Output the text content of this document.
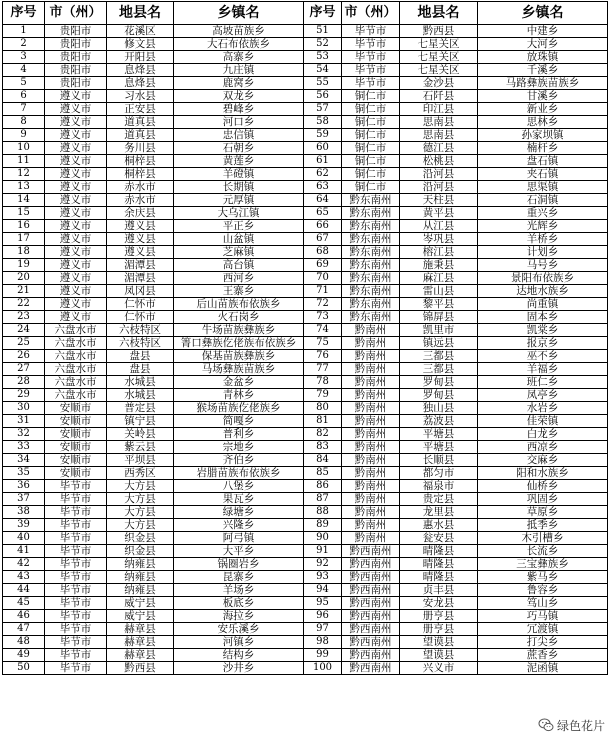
序号	市（州）	地县名	乡镇名	序号	市（州）	地县名	乡镇名
1	贵阳市	花溪区	高坡苗族乡	51	毕节市	黔西县	中建乡
2	贵阳市	修文县	大石布依族乡	52	毕节市	七星关区	大河乡
3	贵阳市	开阳县	高寨乡	53	毕节市	七星关区	放珠镇
4	贵阳市	息烽县	九庄镇	54	毕节市	七星关区	千溪乡
5	贵阳市	息烽县	鹿窝乡	55	毕节市	金沙县	马路彝族苗族乡
6	遵义市	习水县	双龙乡	56	铜仁市	石阡县	甘溪乡
7	遵义市	正安县	碧峰乡	57	铜仁市	印江县	新业乡
8	遵义市	道真县	河口乡	58	铜仁市	思南县	思林乡
9	遵义市	道真县	忠信镇	59	铜仁市	思南县	孙家坝镇
10	遵义市	务川县	石朝乡	60	铜仁市	德江县	楠杆乡
11	遵义市	桐梓县	黄莲乡	61	铜仁市	松桃县	盘石镇
12	遵义市	桐梓县	羊磴镇	62	铜仁市	沿河县	夹石镇
13	遵义市	赤水市	长期镇	63	铜仁市	沿河县	思渠镇
14	遵义市	赤水市	元厚镇	64	黔东南州	天柱县	石洞镇
15	遵义市	余庆县	大乌江镇	65	黔东南州	黄平县	重兴乡
16	遵义市	遵义县	平正乡	66	黔东南州	从江县	光辉乡
17	遵义市	遵义县	山盆镇	67	黔东南州	岑巩县	羊桥乡
18	遵义市	遵义县	芝麻镇	68	黔东南州	榕江县	计划乡
19	遵义市	湄潭县	高台镇	69	黔东南州	施秉县	马号乡
20	遵义市	湄潭县	西河乡	70	黔东南州	麻江县	景阳布依族乡
21	遵义市	凤冈县	王寨乡	71	黔东南州	雷山县	达地水族乡
22	遵义市	仁怀市	后山苗族布依族乡	72	黔东南州	黎平县	尚重镇
23	遵义市	仁怀市	火石岗乡	73	黔东南州	锦屏县	固本乡
24	六盘水市	六枝特区	牛场苗族彝族乡	74	黔南州	凯里市	凯棠乡
25	六盘水市	六枝特区	箐口彝族仡佬族布依族乡	75	黔南州	镇远县	报京乡
26	六盘水市	盘县	保基苗族彝族乡	76	黔南州	三都县	巫不乡
27	六盘水市	盘县	马场彝族苗族乡	77	黔南州	三都县	羊福乡
28	六盘水市	水城县	金盆乡	78	黔南州	罗甸县	班仁乡
29	六盘水市	水城县	青林乡	79	黔南州	罗甸县	凤亭乡
30	安顺市	普定县	猴场苗族仡佬族乡	80	黔南州	独山县	水岩乡
31	安顺市	镇宁县	简嘎乡	81	黔南州	荔波县	佳荣镇
32	安顺市	关岭县	普利乡	82	黔南州	平塘县	白龙乡
33	安顺市	紫云县	宗地乡	83	黔南州	平塘县	西凉乡
34	安顺市	平坝县	齐伯乡	84	黔南州	长顺县	交麻乡
35	安顺市	西秀区	岩腊苗族布依族乡	85	黔南州	都匀市	阳和水族乡
36	毕节市	大方县	八堡乡	86	黔南州	福泉市	仙桥乡
37	毕节市	大方县	果瓦乡	87	黔南州	贵定县	巩固乡
38	毕节市	大方县	绿塘乡	88	黔南州	龙里县	草原乡
39	毕节市	大方县	兴隆乡	89	黔南州	惠水县	抵季乡
40	毕节市	织金县	阿弓镇	90	黔南州	瓮安县	木引槽乡
41	毕节市	织金县	大平乡	91	黔西南州	晴隆县	长流乡
42	毕节市	纳雍县	锅圈岩乡	92	黔西南州	晴隆县	三宝彝族乡
43	毕节市	纳雍县	昆寨乡	93	黔西南州	晴隆县	紫马乡
44	毕节市	纳雍县	羊场乡	94	黔西南州	贞丰县	鲁容乡
45	毕节市	威宁县	板底乡	95	黔西南州	安龙县	笃山乡
46	毕节市	威宁县	海拉乡	96	黔西南州	册亨县	巧马镇
47	毕节市	赫章县	安乐溪乡	97	黔西南州	册亨县	冗渡镇
48	毕节市	赫章县	河镇乡	98	黔西南州	望谟县	打尖乡
49	毕节市	赫章县	结构乡	99	黔西南州	望谟县	蔗香乡
50	毕节市	黔西县	沙井乡	100	黔西南州	兴义市	泥函镇
绿色花片
